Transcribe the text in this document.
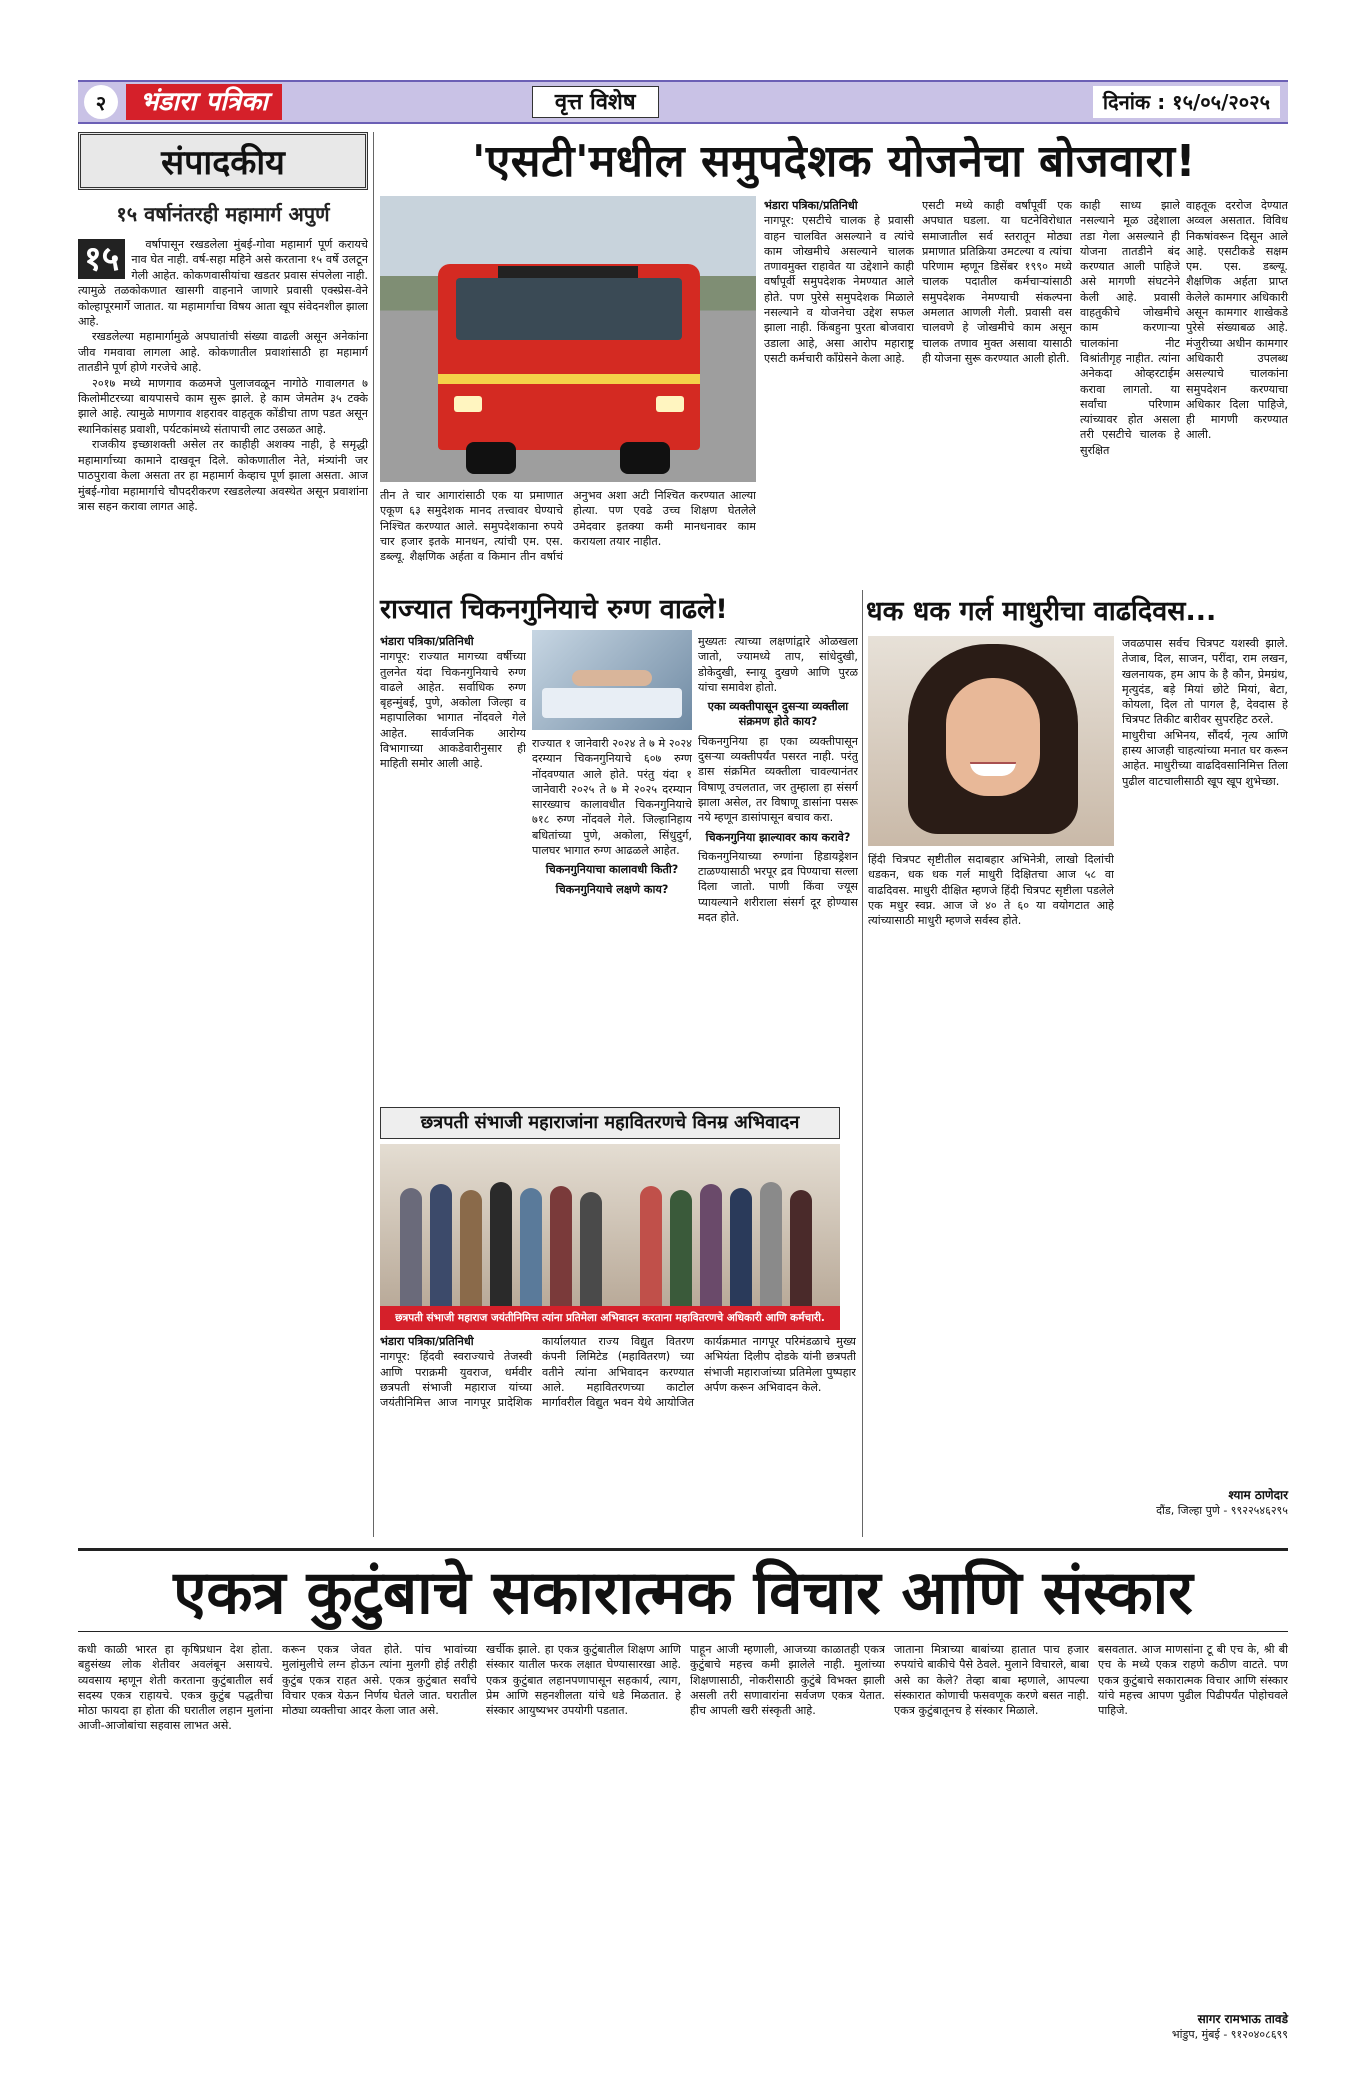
२	भंडारा पत्रिका	वृत्त विशेष	दिनांक : १५/०५/२०२५
संपादकीय
१५ वर्षानंतरही महामार्ग अपुर्ण
१५	वर्षापासून रखडलेला मुंबई-गोवा महामार्ग पूर्ण करायचे नाव घेत नाही. वर्ष-सहा महिने असे करताना १५ वर्षे उलटून गेली आहेत. कोकणवासीयांचा खडतर प्रवास संपलेला नाही. त्यामुळे तळकोकणात खासगी वाहनाने जाणारे प्रवासी एक्स्प्रेस-वेने कोल्हापूरमार्गे जातात. या महामार्गाचा विषय आता खूप संवेदनशील झाला आहे.

रखडलेल्या महामार्गामुळे अपघातांची संख्या वाढली असून अनेकांना जीव गमवावा लागला आहे. कोकणातील प्रवाशांसाठी हा महामार्ग तातडीने पूर्ण होणे गरजेचे आहे.

२०१७ मध्ये माणगाव कळमजे पुलाजवळून नागोठे गावालगत ७ किलोमीटरच्या बायपासचे काम सुरू झाले. हे काम जेमतेम ३५ टक्के झाले आहे. त्यामुळे माणगाव शहरावर वाहतूक कोंडीचा ताण पडत असून स्थानिकांसह प्रवाशी, पर्यटकांमध्ये संतापाची लाट उसळत आहे.

राजकीय इच्छाशक्ती असेल तर काहीही अशक्य नाही, हे समृद्धी महामार्गाच्या कामाने दाखवून दिले. कोकणातील नेते, मंत्र्यांनी जर पाठपुरावा केला असता तर हा महामार्ग केव्हाच पूर्ण झाला असता. आज मुंबई-गोवा महामार्गाचे चौपदरीकरण रखडलेल्या अवस्थेत असून प्रवाशांना त्रास सहन करावा लागत आहे.

'एसटी'मधील समुपदेशक योजनेचा बोजवारा!
भंडारा पत्रिका/प्रतिनिधी
नागपूर: एसटीचे चालक हे प्रवासी वाहन चालवित असल्याने व त्यांचे काम जोखमीचे असल्याने चालक तणावमुक्त राहावेत या उद्देशाने काही वर्षांपूर्वी समुपदेशक नेमण्यात आले होते. पण पुरेसे समुपदेशक मिळाले नसल्याने व योजनेचा उद्देश सफल झाला नाही. किंबहुना पुरता बोजवारा उडाला आहे, असा आरोप महाराष्ट्र एसटी कर्मचारी काँग्रेसने केला आहे.
एसटी मध्ये काही वर्षांपूर्वी एक अपघात घडला. या घटनेविरोधात समाजातील सर्व स्तरातून मोठ्या प्रमाणात प्रतिक्रिया उमटल्या व त्यांचा परिणाम म्हणून डिसेंबर १९९० मध्ये चालक पदातील कर्मचाऱ्यांसाठी समुपदेशक नेमण्याची संकल्पना अमलात आणली गेली. प्रवासी वस चालवणे हे जोखमीचे काम असून चालक तणाव मुक्त असावा यासाठी ही योजना सुरू करण्यात आली होती.
तीन ते चार आगारांसाठी एक या प्रमाणात एकूण ६३ समुदेशक मानद तत्त्वावर घेण्याचे निश्चित करण्यात आले. समुपदेशकाना रुपये चार हजार इतके मानधन, त्यांची एम. एस. डब्ल्यू. शैक्षणिक अर्हता व किमान तीन वर्षाचं अनुभव अशा अटी निश्चित करण्यात आल्या होत्या. पण एवढे उच्च शिक्षण घेतलेले उमेदवार इतक्या कमी मानधनावर काम करायला तयार नाहीत.
काही साध्य झाले नसल्याने मूळ उद्देशाला तडा गेला असल्याने ही योजना तातडीने बंद करण्यात आली पाहिजे असे मागणी संघटनेने केली आहे. प्रवासी वाहतुकीचे जोखमीचे काम करणाऱ्या चालकांना नीट विश्रांतीगृह नाहीत. त्यांना अनेकदा ओव्हरटाईम करावा लागतो. या सर्वांचा परिणाम त्यांच्यावर होत असला तरी एसटीचे चालक हे सुरक्षित
वाहतूक दररोज देण्यात अव्वल असतात. विविध निकषांवरून दिसून आले आहे. एसटीकडे सक्षम एम. एस. डब्ल्यू. शैक्षणिक अर्हता प्राप्त केलेले कामगार अधिकारी असून कामगार शाखेकडे पुरेसे संख्याबळ आहे. मंजुरीच्या अधीन कामगार अधिकारी उपलब्ध असल्याचे चालकांना समुपदेशन करण्याचा अधिकार दिला पाहिजे, ही मागणी करण्यात आली.
राज्यात चिकनगुनियाचे रुग्ण वाढले!
भंडारा पत्रिका/प्रतिनिधी
नागपूर: राज्यात मागच्या वर्षीच्या तुलनेत यंदा चिकनगुनियाचे रुग्ण वाढले आहेत. सर्वाधिक रुग्ण बृहन्मुंबई, पुणे, अकोला जिल्हा व महापालिका भागात नोंदवले गेले आहेत. सार्वजनिक आरोग्य विभागाच्या आकडेवारीनुसार ही माहिती समोर आली आहे.
राज्यात १ जानेवारी २०२४ ते ७ मे २०२४ दरम्यान चिकनगुनियाचे ६०७ रुग्ण नोंदवण्यात आले होते. परंतु यंदा १ जानेवारी २०२५ ते ७ मे २०२५ दरम्यान सारख्याच कालावधीत चिकनगुनियाचे ७१८ रुग्ण नोंदवले गेले. जिल्हानिहाय बधितांच्या पुणे, अकोला, सिंधुदुर्ग, पालघर भागात रुग्ण आढळले आहेत.
चिकनगुनियाचा कालावधी किती?
चिकनगुनियाचे लक्षणे काय?
मुख्यतः त्याच्या लक्षणांद्वारे ओळखला जातो, ज्यामध्ये ताप, सांधेदुखी, डोकेदुखी, स्नायू दुखणे आणि पुरळ यांचा समावेश होतो.
एका व्यक्तीपासून दुसऱ्या व्यक्तीला संक्रमण होते काय?
चिकनगुनिया हा एका व्यक्तीपासून दुसऱ्या व्यक्तीपर्यंत पसरत नाही. परंतु डास संक्रमित व्यक्तीला चावल्यानंतर विषाणू उचलतात, जर तुम्हाला हा संसर्ग झाला असेल, तर विषाणू डासांना पसरू नये म्हणून डासांपासून बचाव करा.
चिकनगुनिया झाल्यावर काय करावे?
चिकनगुनियाच्या रुग्णांना हिडायड्रेशन टाळण्यासाठी भरपूर द्रव पिण्याचा सल्ला दिला जातो. पाणी किंवा ज्यूस प्यायल्याने शरीराला संसर्ग दूर होण्यास मदत होते.
धक धक गर्ल माधुरीचा वाढदिवस...
हिंदी चित्रपट सृष्टीतील सदाबहार अभिनेत्री, लाखो दिलांची धडकन, धक धक गर्ल माधुरी दिक्षितचा आज ५८ वा वाढदिवस. माधुरी दीक्षित म्हणजे हिंदी चित्रपट सृष्टीला पडलेले एक मधुर स्वप्न. आज जे ४० ते ६० या वयोगटात आहे त्यांच्यासाठी माधुरी म्हणजे सर्वस्व होते.
जवळपास सर्वच चित्रपट यशस्वी झाले. तेजाब, दिल, साजन, परींदा, राम लखन, खलनायक, हम आप के है कौन, प्रेमग्रंथ, मृत्युदंड, बड़े मियां छोटे मियां, बेटा, कोयला, दिल तो पागल है, देवदास हे चित्रपट तिकीट बारीवर सुपरहिट ठरले.
माधुरीचा अभिनय, सौंदर्य, नृत्य आणि हास्य आजही चाहत्यांच्या मनात घर करून आहेत. माधुरीच्या वाढदिवसानिमित्त तिला पुढील वाटचालीसाठी खूप खूप शुभेच्छा.
श्याम ठाणेदार
दौंड, जिल्हा पुणे - ९९२२५४६२९५
छत्रपती संभाजी महाराजांना महावितरणचे विनम्र अभिवादन
छत्रपती संभाजी महाराज जयंतीनिमित्त त्यांना प्रतिमेला अभिवादन करताना महावितरणचे अधिकारी आणि कर्मचारी.
भंडारा पत्रिका/प्रतिनिधी
नागपूर: हिंदवी स्वराज्याचे तेजस्वी आणि पराक्रमी युवराज, धर्मवीर छत्रपती संभाजी महाराज यांच्या जयंतीनिमित्त आज नागपूर प्रादेशिक कार्यालयात राज्य विद्युत वितरण कंपनी लिमिटेड (महावितरण) च्या वतीने त्यांना अभिवादन करण्यात आले. महावितरणच्या काटोल मार्गावरील विद्युत भवन येथे आयोजित कार्यक्रमात नागपूर परिमंडळाचे मुख्य अभियंता दिलीप दोडके यांनी छत्रपती संभाजी महाराजांच्या प्रतिमेला पुष्पहार अर्पण करून अभिवादन केले.
एकत्र कुटुंबाचे सकारात्मक विचार आणि संस्कार
कधी काळी भारत हा कृषिप्रधान देश होता. बहुसंख्य लोक शेतीवर अवलंबून असायचे. व्यवसाय म्हणून शेती करताना कुटुंबातील सर्व सदस्य एकत्र राहायचे. एकत्र कुटुंब पद्धतीचा मोठा फायदा हा होता की घरातील लहान मुलांना आजी-आजोबांचा सहवास लाभत असे.
करून एकत्र जेवत होते. पांच भावांच्या मुलांमुलीचे लग्न होऊन त्यांना मुलगी होई तरीही कुटुंब एकत्र राहत असे. एकत्र कुटुंबात सर्वांचे विचार एकत्र येऊन निर्णय घेतले जात. घरातील मोठ्या व्यक्तीचा आदर केला जात असे.
खर्चीक झाले. हा एकत्र कुटुंबातील शिक्षण आणि संस्कार यातील फरक लक्षात घेण्यासारखा आहे. एकत्र कुटुंबात लहानपणापासून सहकार्य, त्याग, प्रेम आणि सहनशीलता यांचे धडे मिळतात. हे संस्कार आयुष्यभर उपयोगी पडतात.
पाहून आजी म्हणाली, आजच्या काळातही एकत्र कुटुंबाचे महत्त्व कमी झालेले नाही. मुलांच्या शिक्षणासाठी, नोकरीसाठी कुटुंबे विभक्त झाली असली तरी सणावारांना सर्वजण एकत्र येतात. हीच आपली खरी संस्कृती आहे.
जाताना मित्राच्या बाबांच्या हातात पाच हजार रुपयांचे बाकीचे पैसे ठेवले. मुलाने विचारले, बाबा असे का केले? तेव्हा बाबा म्हणाले, आपल्या संस्कारात कोणाची फसवणूक करणे बसत नाही. एकत्र कुटुंबातूनच हे संस्कार मिळाले.
बसवतात. आज माणसांना टू बी एच के, श्री बी एच के मध्ये एकत्र राहणे कठीण वाटते. पण एकत्र कुटुंबाचे सकारात्मक विचार आणि संस्कार यांचे महत्त्व आपण पुढील पिढीपर्यंत पोहोचवले पाहिजे.
सागर रामभाऊ तावडे
भांडुप, मुंबई - ९१२०४०८६९९
